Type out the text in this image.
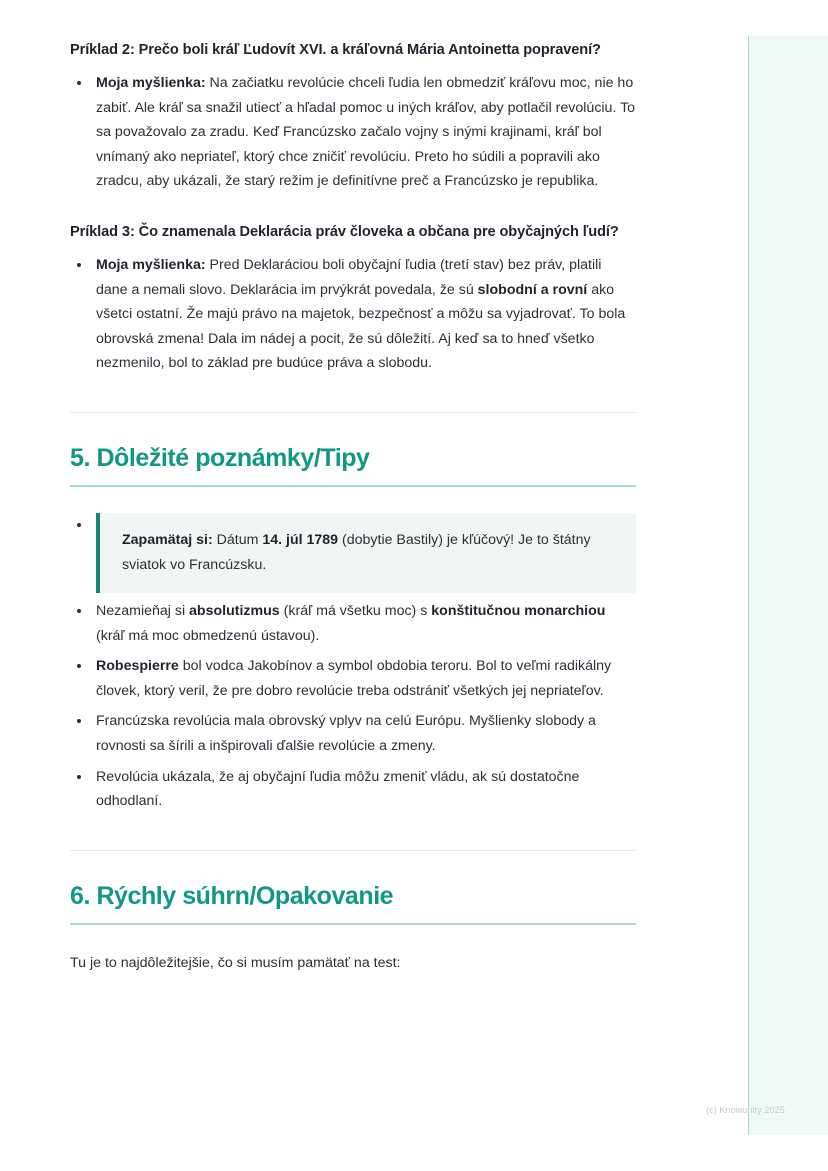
Príklad 2: Prečo boli kráľ Ľudovít XVI. a kráľovná Mária Antoinetta popravení?
Moja myšlienka: Na začiatku revolúcie chceli ľudia len obmedziť kráľovu moc, nie ho zabiť. Ale kráľ sa snažil utiecť a hľadal pomoc u iných kráľov, aby potlačil revolúciu. To sa považovalo za zradu. Keď Francúzsko začalo vojny s inými krajinami, kráľ bol vnímaný ako nepriateľ, ktorý chce zničiť revolúciu. Preto ho súdili a popravili ako zradcu, aby ukázali, že starý režim je definitívne preč a Francúzsko je republika.
Príklad 3: Čo znamenala Deklarácia práv človeka a občana pre obyčajných ľudí?
Moja myšlienka: Pred Deklaráciou boli obyčajní ľudia (tretí stav) bez práv, platili dane a nemali slovo. Deklarácia im prvýkrát povedala, že sú slobodní a rovní ako všetci ostatní. Že majú právo na majetok, bezpečnosť a môžu sa vyjadrovať. To bola obrovská zmena! Dala im nádej a pocit, že sú dôležití. Aj keď sa to hneď všetko nezmenilo, bol to základ pre budúce práva a slobodu.
5. Dôležité poznámky/Tipy
Zapamätaj si: Dátum 14. júl 1789 (dobytie Bastily) je kľúčový! Je to štátny sviatok vo Francúzsku.
Nezamieňaj si absolutizmus (kráľ má všetku moc) s konštitučnou monarchiou (kráľ má moc obmedzenú ústavou).
Robespierre bol vodca Jakobínov a symbol obdobia teroru. Bol to veľmi radikálny človek, ktorý veril, že pre dobro revolúcie treba odstrániť všetkých jej nepriateľov.
Francúzska revolúcia mala obrovský vplyv na celú Európu. Myšlienky slobody a rovnosti sa šírili a inšpirovali ďalšie revolúcie a zmeny.
Revolúcia ukázala, že aj obyčajní ľudia môžu zmeniť vládu, ak sú dostatočne odhodlaní.
6. Rýchly súhrn/Opakovanie

Tu je to najdôležitejšie, čo si musím pamätať na test:

(c) Knowunity 2025
